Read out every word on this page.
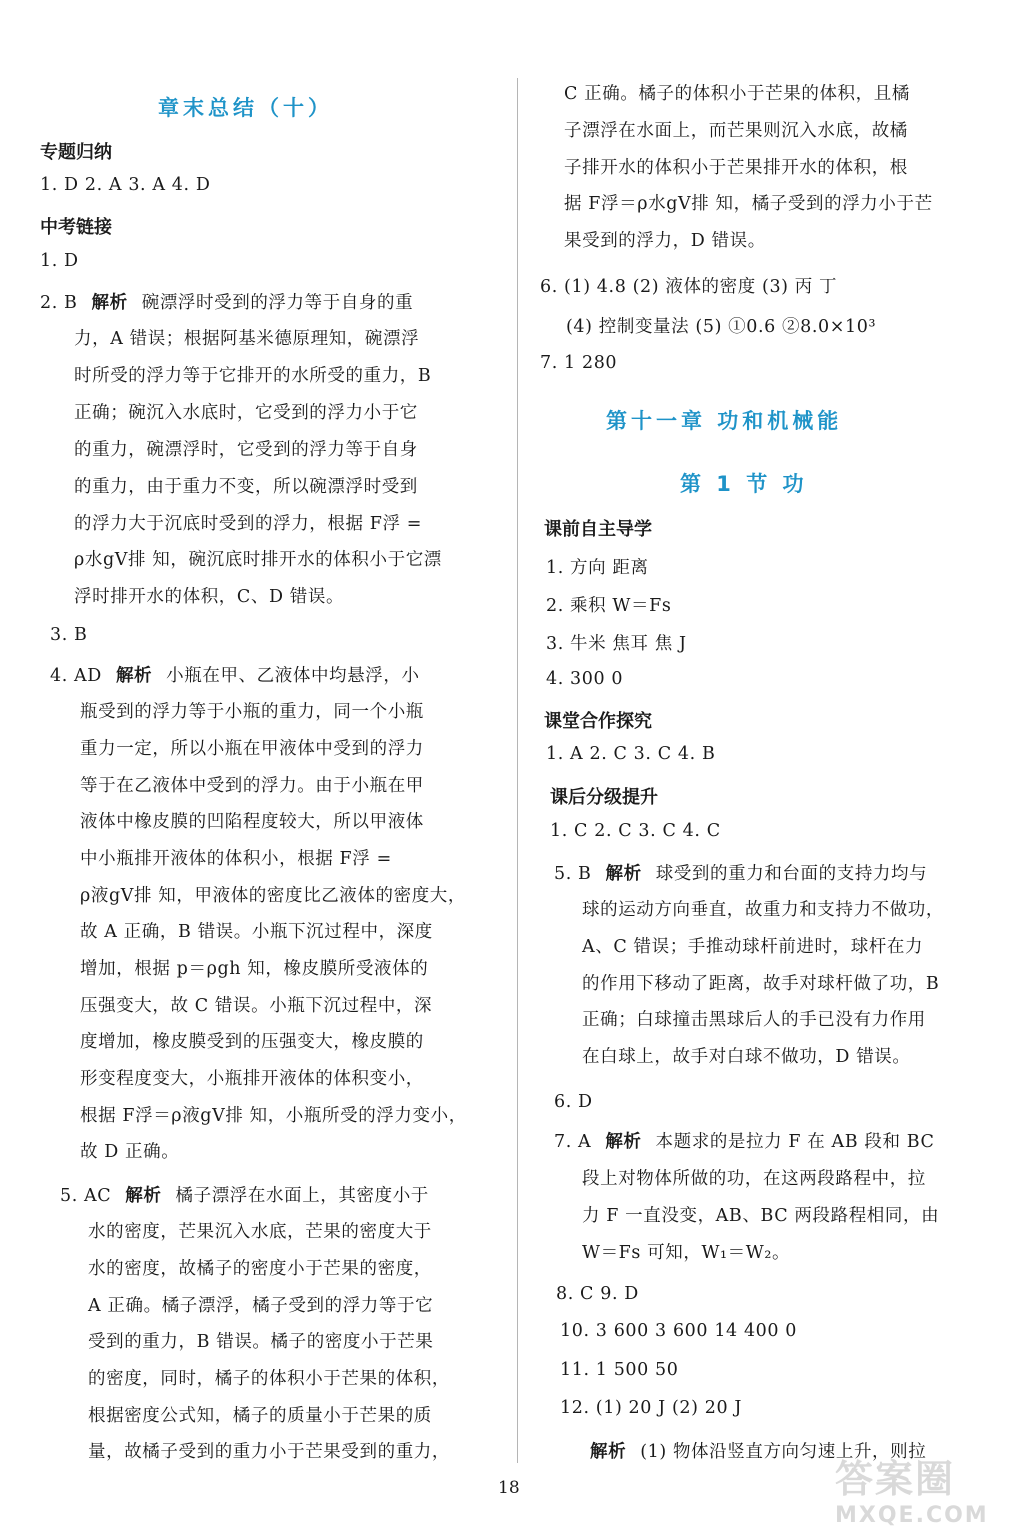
章末总结（十）
专题归纳
1. D 2. A 3. A 4. D
中考链接
1. D
2. B 解析 碗漂浮时受到的浮力等于自身的重
力，A 错误；根据阿基米德原理知，碗漂浮
时所受的浮力等于它排开的水所受的重力，B
正确；碗沉入水底时，它受到的浮力小于它
的重力，碗漂浮时，它受到的浮力等于自身
的重力，由于重力不变，所以碗漂浮时受到
的浮力大于沉底时受到的浮力，根据 F浮 =
ρ水gV排 知，碗沉底时排开水的体积小于它漂
浮时排开水的体积，C、D 错误。
3. B
4. AD 解析 小瓶在甲、乙液体中均悬浮，小
瓶受到的浮力等于小瓶的重力，同一个小瓶
重力一定，所以小瓶在甲液体中受到的浮力
等于在乙液体中受到的浮力。由于小瓶在甲
液体中橡皮膜的凹陷程度较大，所以甲液体
中小瓶排开液体的体积小，根据 F浮 =
ρ液gV排 知，甲液体的密度比乙液体的密度大，
故 A 正确，B 错误。小瓶下沉过程中，深度
增加，根据 p＝ρgh 知，橡皮膜所受液体的
压强变大，故 C 错误。小瓶下沉过程中，深
度增加，橡皮膜受到的压强变大，橡皮膜的
形变程度变大，小瓶排开液体的体积变小，
根据 F浮＝ρ液gV排 知，小瓶所受的浮力变小，
故 D 正确。
5. AC 解析 橘子漂浮在水面上，其密度小于
水的密度，芒果沉入水底，芒果的密度大于
水的密度，故橘子的密度小于芒果的密度，
A 正确。橘子漂浮，橘子受到的浮力等于它
受到的重力，B 错误。橘子的密度小于芒果
的密度，同时，橘子的体积小于芒果的体积，
根据密度公式知，橘子的质量小于芒果的质
量，故橘子受到的重力小于芒果受到的重力，
C 正确。橘子的体积小于芒果的体积，且橘
子漂浮在水面上，而芒果则沉入水底，故橘
子排开水的体积小于芒果排开水的体积，根
据 F浮＝ρ水gV排 知，橘子受到的浮力小于芒
果受到的浮力，D 错误。
6. (1) 4.8 (2) 液体的密度 (3) 丙 丁
(4) 控制变量法 (5) ①0.6 ②8.0×10³
7. 1 280
第十一章 功和机械能
第 1 节 功
课前自主导学
1. 方向 距离
2. 乘积 W＝Fs
3. 牛米 焦耳 焦 J
4. 300 0
课堂合作探究
1. A 2. C 3. C 4. B
课后分级提升
1. C 2. C 3. C 4. C
5. B 解析 球受到的重力和台面的支持力均与
球的运动方向垂直，故重力和支持力不做功，
A、C 错误；手推动球杆前进时，球杆在力
的作用下移动了距离，故手对球杆做了功，B
正确；白球撞击黑球后人的手已没有力作用
在白球上，故手对白球不做功，D 错误。
6. D
7. A 解析 本题求的是拉力 F 在 AB 段和 BC
段上对物体所做的功，在这两段路程中，拉
力 F 一直没变，AB、BC 两段路程相同，由
W＝Fs 可知，W₁＝W₂。
8. C 9. D
10. 3 600 3 600 14 400 0
11. 1 500 50
12. (1) 20 J (2) 20 J
解析 (1) 物体沿竖直方向匀速上升，则拉
18	答案圈
MXQE.COM
